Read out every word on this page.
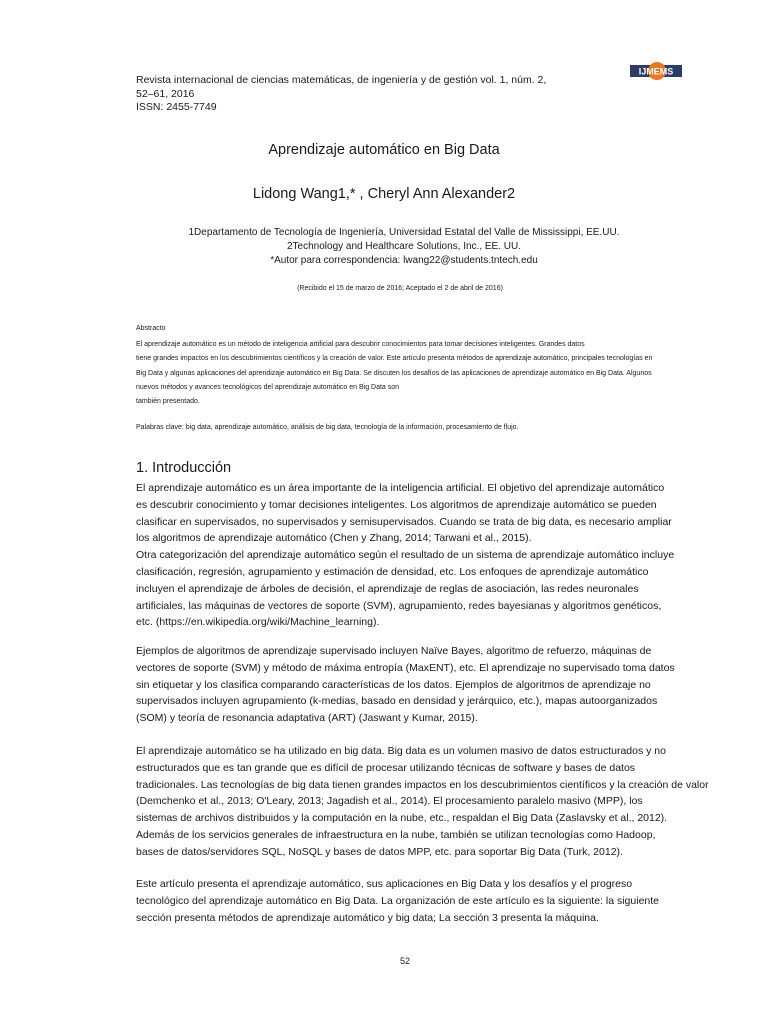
Revista internacional de ciencias matemáticas, de ingeniería y de gestión vol. 1, núm. 2,
52–61, 2016
ISSN: 2455-7749
IJMEMS
Aprendizaje automático en Big Data
Lidong Wang1,* , Cheryl Ann Alexander2
1Departamento de Tecnología de Ingeniería, Universidad Estatal del Valle de Mississippi, EE.UU.
2Technology and Healthcare Solutions, Inc., EE. UU.
*Autor para correspondencia: lwang22@students.tntech.edu
(Recibido el 15 de marzo de 2016; Aceptado el 2 de abril de 2016)
Abstracto
El aprendizaje automático es un método de inteligencia artificial para descubrir conocimientos para tomar decisiones inteligentes. Grandes datos
tiene grandes impactos en los descubrimientos científicos y la creación de valor. Este artículo presenta métodos de aprendizaje automático, principales tecnologías en
Big Data y algunas aplicaciones del aprendizaje automático en Big Data. Se discuten los desafíos de las aplicaciones de aprendizaje automático en Big Data. Algunos
nuevos métodos y avances tecnológicos del aprendizaje automático en Big Data son
también presentado.
Palabras clave: big data, aprendizaje automático, análisis de big data, tecnología de la información, procesamiento de flujo.
1. Introducción
El aprendizaje automático es un área importante de la inteligencia artificial. El objetivo del aprendizaje automático
es descubrir conocimiento y tomar decisiones inteligentes. Los algoritmos de aprendizaje automático se pueden
clasificar en supervisados, no supervisados y semisupervisados. Cuando se trata de big data, es necesario ampliar
los algoritmos de aprendizaje automático (Chen y Zhang, 2014; Tarwani et al., 2015).
Otra categorización del aprendizaje automático según el resultado de un sistema de aprendizaje automático incluye
clasificación, regresión, agrupamiento y estimación de densidad, etc. Los enfoques de aprendizaje automático
incluyen el aprendizaje de árboles de decisión, el aprendizaje de reglas de asociación, las redes neuronales
artificiales, las máquinas de vectores de soporte (SVM), agrupamiento, redes bayesianas y algoritmos genéticos,
etc. (https://en.wikipedia.org/wiki/Machine_learning).
Ejemplos de algoritmos de aprendizaje supervisado incluyen Naïve Bayes, algoritmo de refuerzo, máquinas de
vectores de soporte (SVM) y método de máxima entropía (MaxENT), etc. El aprendizaje no supervisado toma datos
sin etiquetar y los clasifica comparando características de los datos. Ejemplos de algoritmos de aprendizaje no
supervisados incluyen agrupamiento (k-medias, basado en densidad y jerárquico, etc.), mapas autoorganizados
(SOM) y teoría de resonancia adaptativa (ART) (Jaswant y Kumar, 2015).
El aprendizaje automático se ha utilizado en big data. Big data es un volumen masivo de datos estructurados y no
estructurados que es tan grande que es difícil de procesar utilizando técnicas de software y bases de datos
tradicionales. Las tecnologías de big data tienen grandes impactos en los descubrimientos científicos y la creación de valor
(Demchenko et al., 2013; O'Leary, 2013; Jagadish et al., 2014). El procesamiento paralelo masivo (MPP), los
sistemas de archivos distribuidos y la computación en la nube, etc., respaldan el Big Data (Zaslavsky et al., 2012).
Además de los servicios generales de infraestructura en la nube, también se utilizan tecnologías como Hadoop,
bases de datos/servidores SQL, NoSQL y bases de datos MPP, etc. para soportar Big Data (Turk, 2012).
Este artículo presenta el aprendizaje automático, sus aplicaciones en Big Data y los desafíos y el progreso
tecnológico del aprendizaje automático en Big Data. La organización de este artículo es la siguiente: la siguiente
sección presenta métodos de aprendizaje automático y big data; La sección 3 presenta la máquina.
52
